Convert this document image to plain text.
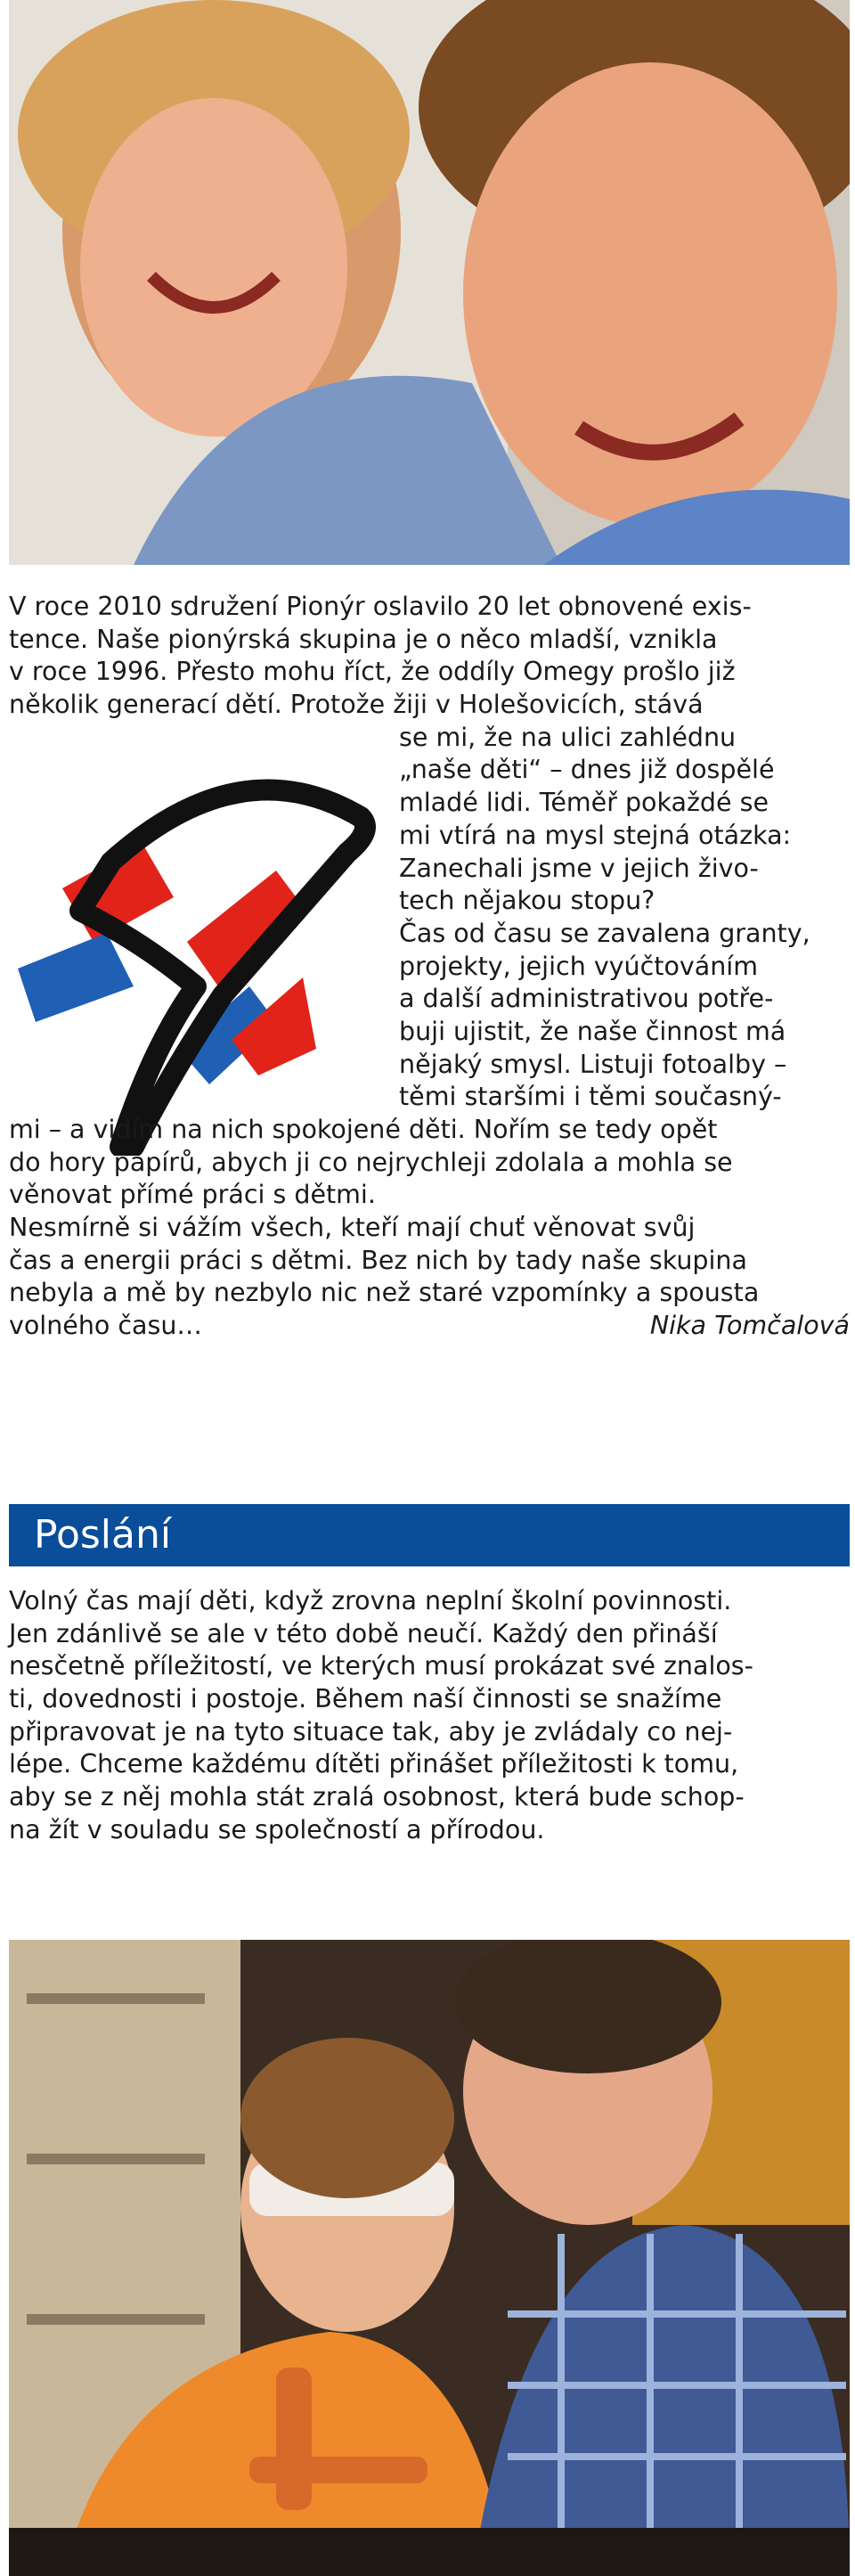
V roce 2010 sdružení Pionýr oslavilo 20 let obnovené exis-
tence. Naše pionýrská skupina je o něco mladší, vznikla
v roce 1996. Přesto mohu říct, že oddíly Omegy prošlo již
několik generací dětí. Protože žiji v Holešovicích, stává
se mi, že na ulici zahlédnu
„naše děti“ – dnes již dospělé
mladé lidi. Téměř pokaždé se
mi vtírá na mysl stejná otázka:
Zanechali jsme v jejich živo-
tech nějakou stopu?
Čas od času se zavalena granty,
projekty, jejich vyúčtováním
a další administrativou potře-
buji ujistit, že naše činnost má
nějaký smysl. Listuji fotoalby –
těmi staršími i těmi současný-
mi – a vidím na nich spokojené děti. Nořím se tedy opět
do hory papírů, abych ji co nejrychleji zdolala a mohla se
věnovat přímé práci s dětmi.
Nesmírně si vážím všech, kteří mají chuť věnovat svůj
čas a energii práci s dětmi. Bez nich by tady naše skupina
nebyla a mě by nezbylo nic než staré vzpomínky a spousta
volného času…	Nika Tomčalová
Poslání
Volný čas mají děti, když zrovna neplní školní povinnosti.
Jen zdánlivě se ale v této době neučí. Každý den přináší
nesčetně příležitostí, ve kterých musí prokázat své znalos-
ti, dovednosti i postoje. Během naší činnosti se snažíme
připravovat je na tyto situace tak, aby je zvládaly co nej-
lépe. Chceme každému dítěti přinášet příležitosti k tomu,
aby se z něj mohla stát zralá osobnost, která bude schop-
na žít v souladu se společností a přírodou.
